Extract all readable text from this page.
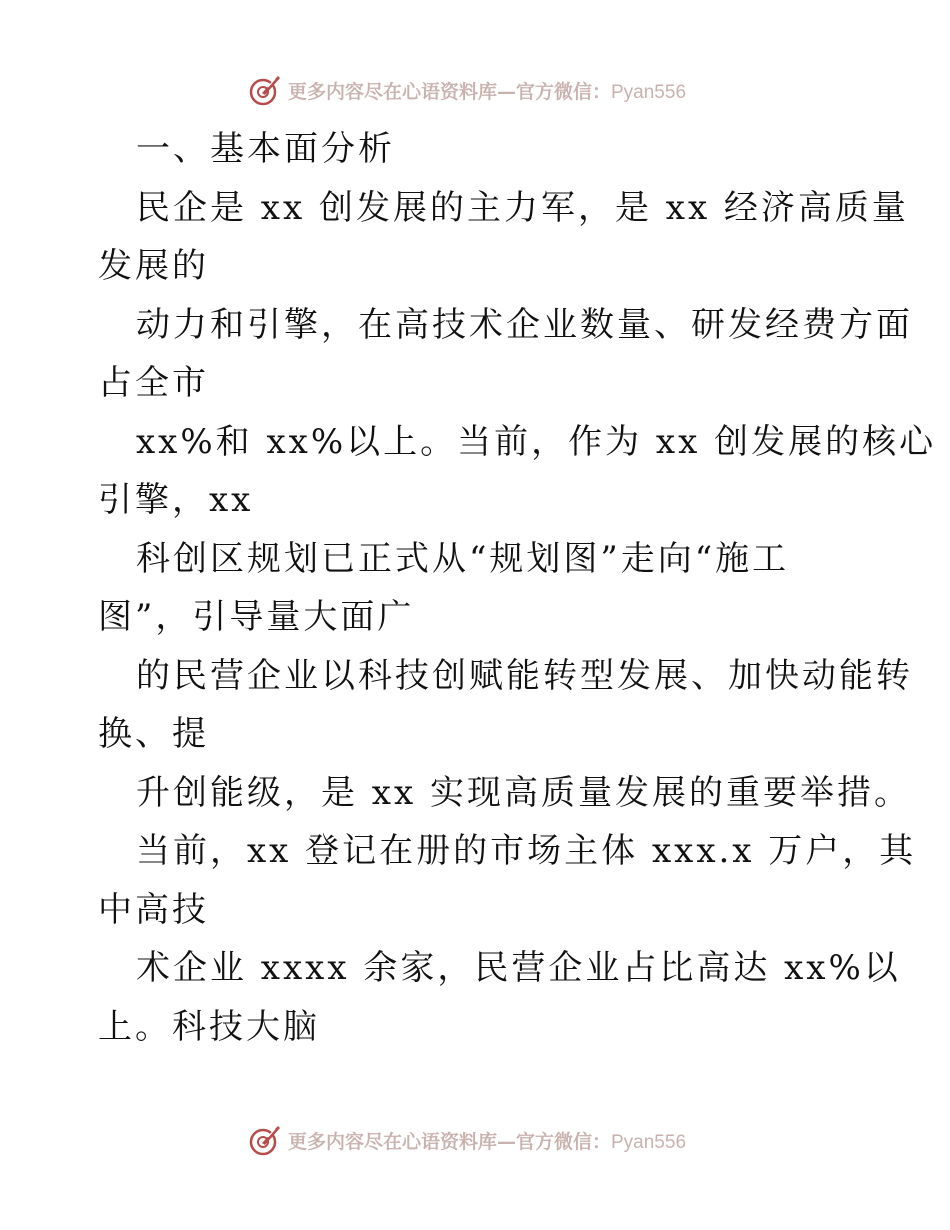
更多内容尽在心语资料库—官方微信：Pyan556
一、基本面分析
民企是 xx 创发展的主力军，是 xx 经济高质量
发展的
动力和引擎，在高技术企业数量、研发经费方面
占全市
xx%和 xx%以上。当前，作为 xx 创发展的核心
引擎，xx
科创区规划已正式从“规划图”走向“施工
图”，引导量大面广
的民营企业以科技创赋能转型发展、加快动能转
换、提
升创能级，是 xx 实现高质量发展的重要举措。
当前，xx 登记在册的市场主体 xxx.x 万户，其
中高技
术企业 xxxx 余家，民营企业占比高达 xx%以
上。科技大脑
更多内容尽在心语资料库—官方微信：Pyan556
